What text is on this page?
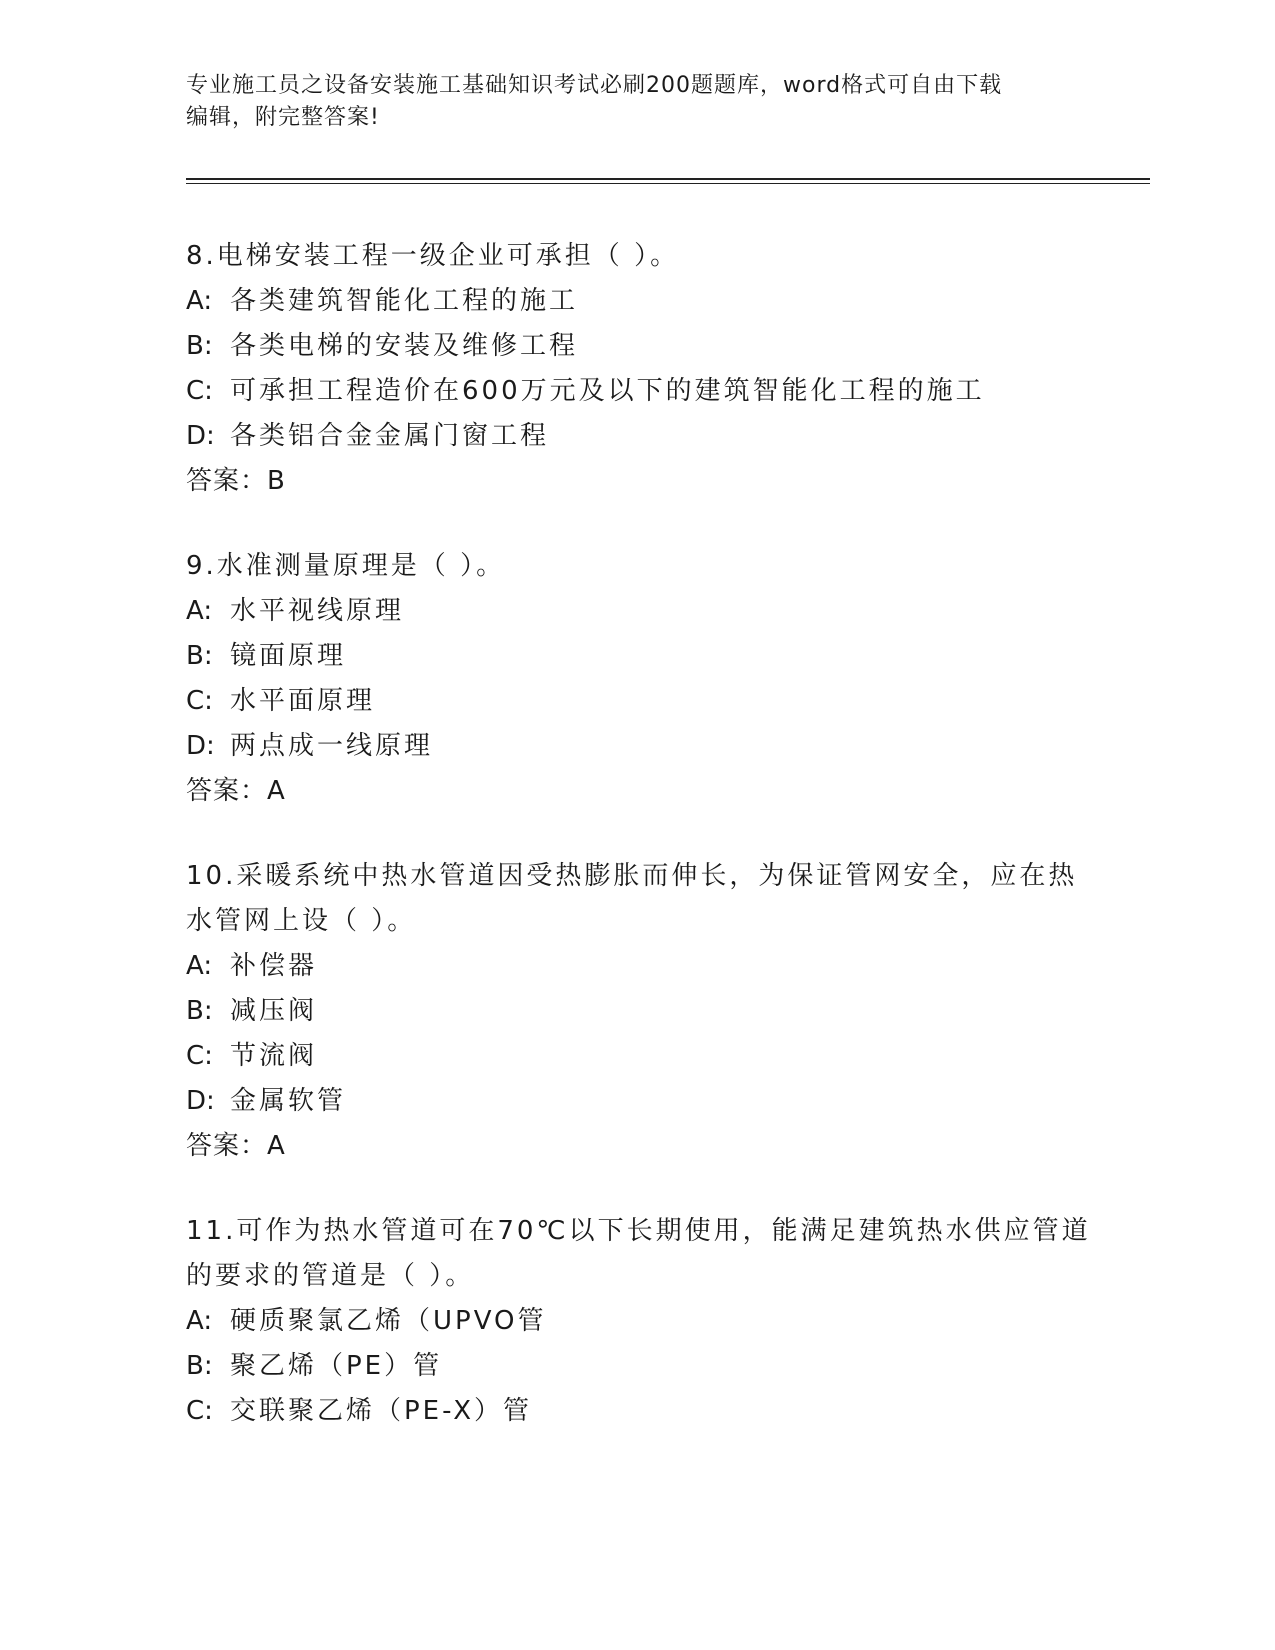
专业施工员之设备安装施工基础知识考试必刷200题题库，word格式可自由下载
编辑，附完整答案!
8.电梯安装工程一级企业可承担（ ）。
A: 各类建筑智能化工程的施工
B: 各类电梯的安装及维修工程
C: 可承担工程造价在600万元及以下的建筑智能化工程的施工
D: 各类铝合金金属门窗工程
答案：B
9.水准测量原理是（ ）。
A: 水平视线原理
B: 镜面原理
C: 水平面原理
D: 两点成一线原理
答案：A
10.采暖系统中热水管道因受热膨胀而伸长，为保证管网安全，应在热
水管网上设（ ）。
A: 补偿器
B: 减压阀
C: 节流阀
D: 金属软管
答案：A
11.可作为热水管道可在70℃以下长期使用，能满足建筑热水供应管道
的要求的管道是（ ）。
A: 硬质聚氯乙烯（UPVO管
B: 聚乙烯（PE）管
C: 交联聚乙烯（PE-X）管
